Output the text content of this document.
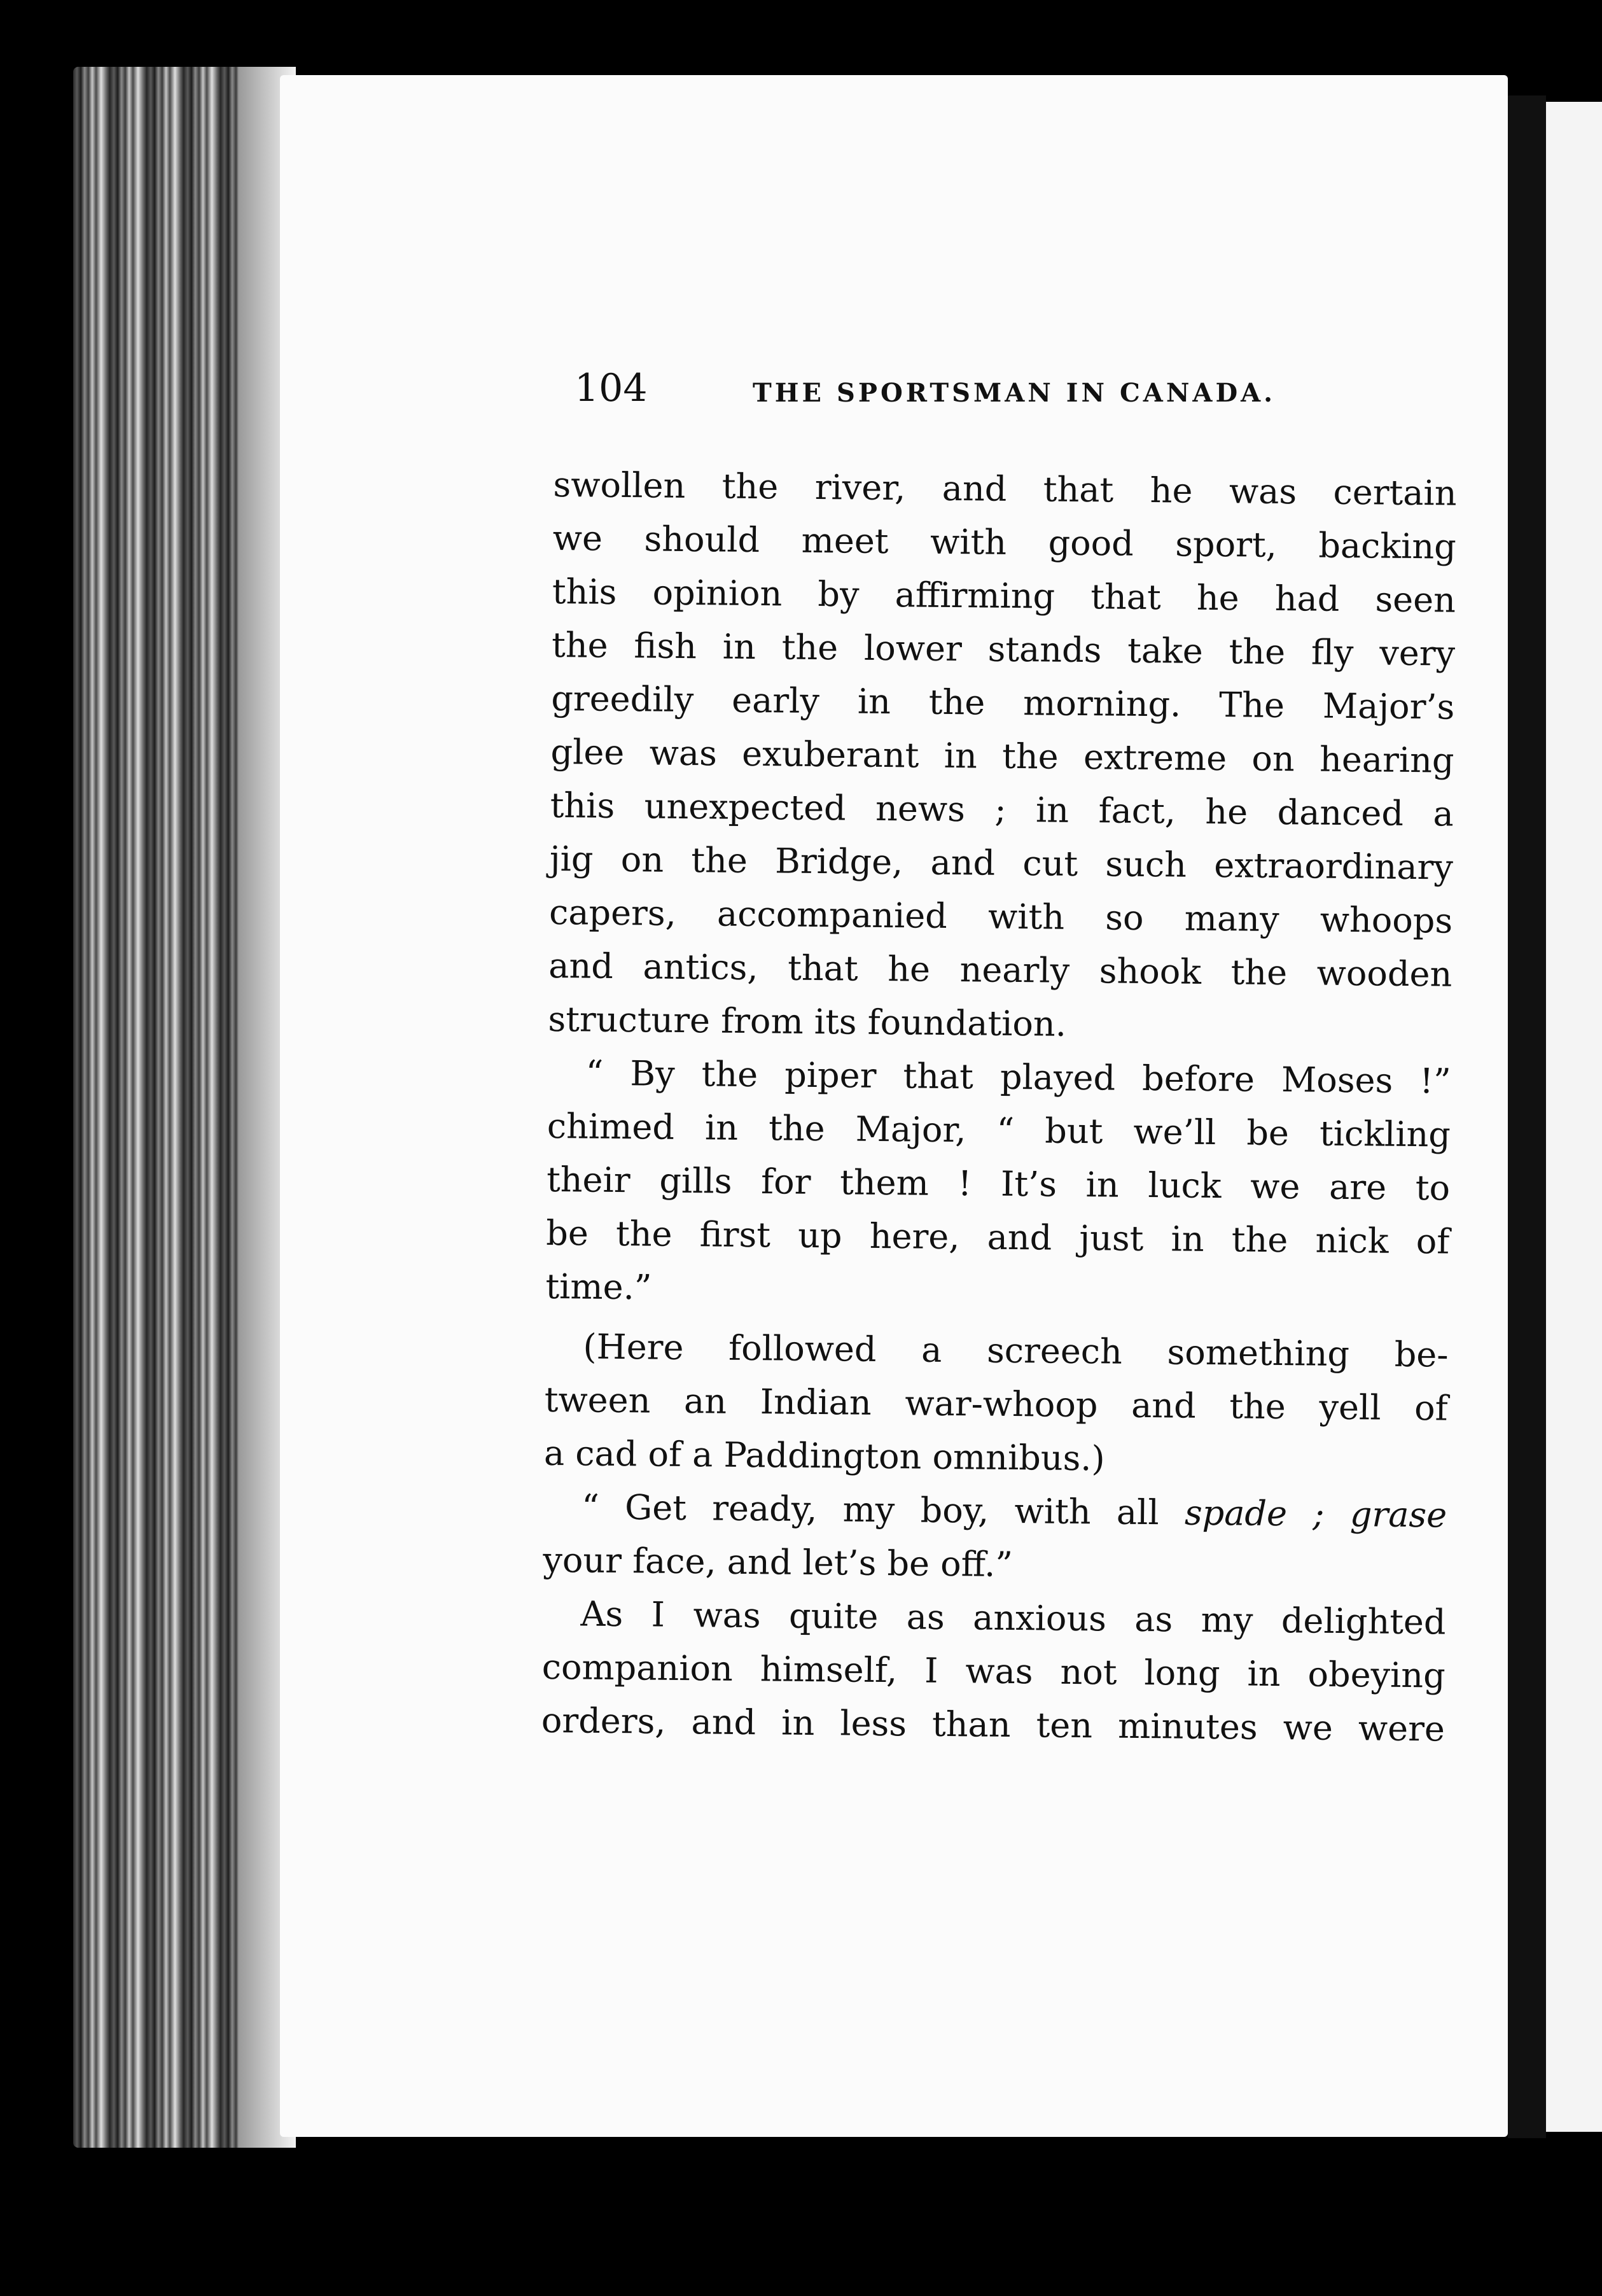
104	THE SPORTSMAN IN CANADA.

swollen the river, and that he was certain
we should meet with good sport, backing
this opinion by affirming that he had seen
the fish in the lower stands take the fly very
greedily early in the morning. The Major’s
glee was exuberant in the extreme on hearing
this unexpected news ; in fact, he danced a
jig on the Bridge, and cut such extraordinary
capers, accompanied with so many whoops
and antics, that he nearly shook the wooden
structure from its foundation.

“ By the piper that played before Moses !”
chimed in the Major, “ but we’ll be tickling
their gills for them ! It’s in luck we are to
be the first up here, and just in the nick of
time.”

(Here followed a screech something be-
tween an Indian war-whoop and the yell of
a cad of a Paddington omnibus.)

“ Get ready, my boy, with all spade ; grase
your face, and let’s be off.”

As I was quite as anxious as my delighted
companion himself, I was not long in obeying
orders, and in less than ten minutes we were
